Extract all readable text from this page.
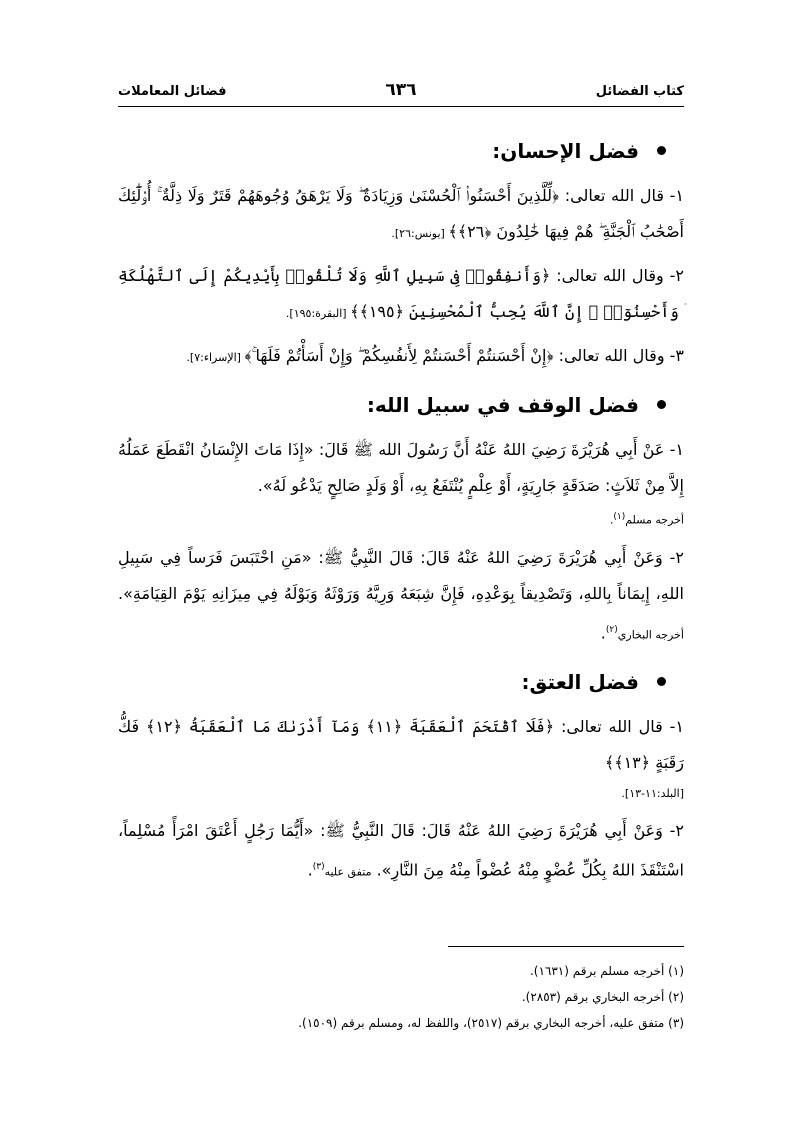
كتاب الفضائل
٦٣٦
فضائل المعاملات
فضل الإحسان:

١- قال الله تعالى: ﴿لِّلَّذِينَ أَحْسَنُوا۟ ٱلْحُسْنَىٰ وَزِيَادَةٌ ۖ وَلَا يَرْهَقُ وُجُوهَهُمْ قَتَرٌ وَلَا ذِلَّةٌ ۚ أُو۟لَٰٓئِكَ أَصْحَٰبُ ٱلْجَنَّةِ ۖ هُمْ فِيهَا خَٰلِدُونَ ﴿٢٦﴾﴾ [يونس:٢٦].

٢- وقال الله تعالى: ﴿وَأَنفِقُوا۟ فِى سَبِيلِ ٱللَّهِ وَلَا تُلْقُوا۟ بِأَيْدِيكُمْ إِلَى ٱلتَّهْلُكَةِ ۛ وَأَحْسِنُوٓا۟ ۛ إِنَّ ٱللَّهَ يُحِبُّ ٱلْمُحْسِنِينَ ﴿١٩٥﴾﴾ [البقرة:١٩٥].

٣- وقال الله تعالى: ﴿إِنْ أَحْسَنتُمْ أَحْسَنتُمْ لِأَنفُسِكُمْ ۖ وَإِنْ أَسَأْتُمْ فَلَهَا ۚ﴾ [الإسراء:٧].

فضل الوقف في سبيل الله:

١- عَنْ أَبِي هُرَيْرَةَ رَضِيَ اللهُ عَنْهُ أَنَّ رَسُولَ الله ﷺ قَالَ: «إِذَا مَاتَ الإِنْسَانُ انْقَطَعَ عَمَلُهُ إِلاَّ مِنْ ثَلاَثٍ: صَدَقَةٍ جَارِيَةٍ، أَوْ عِلْمٍ يُنْتَفَعُ بِهِ، أَوْ وَلَدٍ صَالِحٍ يَدْعُو لَهُ».

أخرجه مسلم$^{(١)}$.

٢- وَعَنْ أَبِي هُرَيْرَةَ رَضِيَ اللهُ عَنْهُ قَالَ: قَالَ النَّبِيُّ ﷺ: «مَنِ احْتَبَسَ فَرَساً فِي سَبِيلِ اللهِ، إِيمَاناً بِاللهِ، وَتَصْدِيقاً بِوَعْدِهِ، فَإِنَّ شِبَعَهُ وَرِيَّهُ وَرَوْثَهُ وَبَوْلَهُ فِي مِيزَانِهِ يَوْمَ القِيَامَةِ». أخرجه البخاري$^{(٢)}$.

فضل العتق:

١- قال الله تعالى: ﴿فَلَا ٱقْتَحَمَ ٱلْعَقَبَةَ ﴿١١﴾ وَمَآ أَدْرَىٰكَ مَا ٱلْعَقَبَةُ ﴿١٢﴾ فَكُّ رَقَبَةٍ ﴿١٣﴾﴾

[البلد:١١-١٣].

٢- وَعَنْ أَبِي هُرَيْرَةَ رَضِيَ اللهُ عَنْهُ قَالَ: قَالَ النَّبِيُّ ﷺ: «أَيُّمَا رَجُلٍ أَعْتَقَ امْرَأً مُسْلِماً، اسْتَنْقَذَ اللهُ بِكُلِّ عُضْوٍ مِنْهُ عُضْواً مِنْهُ مِنَ النَّارِ». متفق عليه$^{(٣)}$.

(١) أخرجه مسلم برقم (١٦٣١).

(٢) أخرجه البخاري برقم (٢٨٥٣).

(٣) متفق عليه، أخرجه البخاري برقم (٢٥١٧)، واللفظ له، ومسلم برقم (١٥٠٩).
